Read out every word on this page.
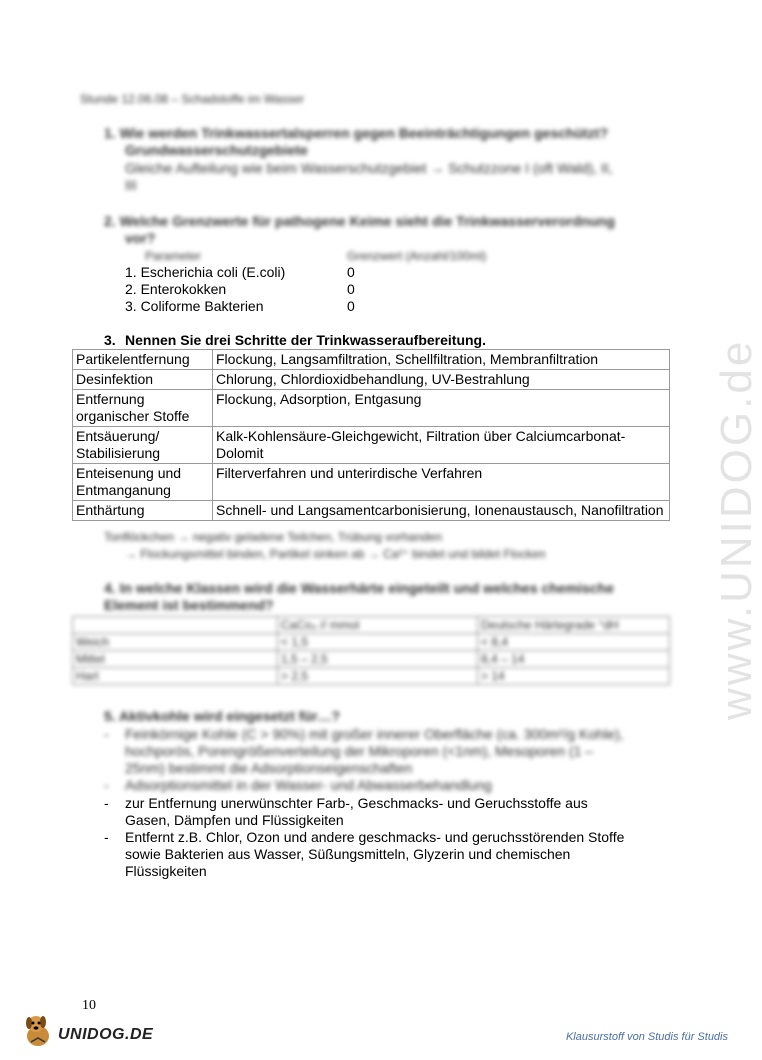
Stunde 12.06.08 – Schadstoffe im Wasser
1. Wie werden Trinkwassertalsperren gegen Beeinträchtigungen geschützt?
Grundwasserschutzgebiete
Gleiche Aufteilung wie beim Wasserschutzgebiet → Schutzzone I (oft Wald), II,
III
2. Welche Grenzwerte für pathogene Keime sieht die Trinkwasserverordnung
vor?
Parameter	Grenzwert (Anzahl/100ml)
1. Escherichia coli (E.coli)	0
2. Enterokokken	0
3. Coliforme Bakterien	0
3. Nennen Sie drei Schritte der Trinkwasseraufbereitung.
Partikelentfernung	Flockung, Langsamfiltration, Schellfiltration, Membranfiltration
Desinfektion	Chlorung, Chlordioxidbehandlung, UV-Bestrahlung
Entfernung organischer Stoffe	Flockung, Adsorption, Entgasung
Entsäuerung/ Stabilisierung	Kalk-Kohlensäure-Gleichgewicht, Filtration über Calciumcarbonat-Dolomit
Enteisenung und Entmanganung	Filterverfahren und unterirdische Verfahren
Enthärtung	Schnell- und Langsamentcarbonisierung, Ionenaustausch, Nanofiltration
Tonflöckchen → negativ geladene Teilchen, Trübung vorhanden
→ Flockungsmittel binden, Partikel sinken ab → Ca²⁺ bindet und bildet Flocken
4. In welche Klassen wird die Wasserhärte eingeteilt und welches chemische
Element ist bestimmend?
	CaCo₃ // mmol	Deutsche Härtegrade °dH
Weich	< 1,5	< 8,4
Mittel	1,5 – 2,5	8,4 – 14
Hart	> 2,5	> 14
5. Aktivkohle wird eingesetzt für…?
- Feinkörnige Kohle (C > 90%) mit großer innerer Oberfläche (ca. 300m²/g Kohle),
hochporös, Porengrößenverteilung der Mikroporen (<1nm), Mesoporen (1 –
25nm) bestimmt die Adsorptionseigenschaften
- Adsorptionsmittel in der Wasser- und Abwasserbehandlung
- zur Entfernung unerwünschter Farb-, Geschmacks- und Geruchsstoffe aus
Gasen, Dämpfen und Flüssigkeiten
- Entfernt z.B. Chlor, Ozon und andere geschmacks- und geruchsstörenden Stoffe
sowie Bakterien aus Wasser, Süßungsmitteln, Glyzerin und chemischen
Flüssigkeiten
www.UNIDOG.de
10
UNIDOG.DE	Klausurstoff von Studis für Studis
